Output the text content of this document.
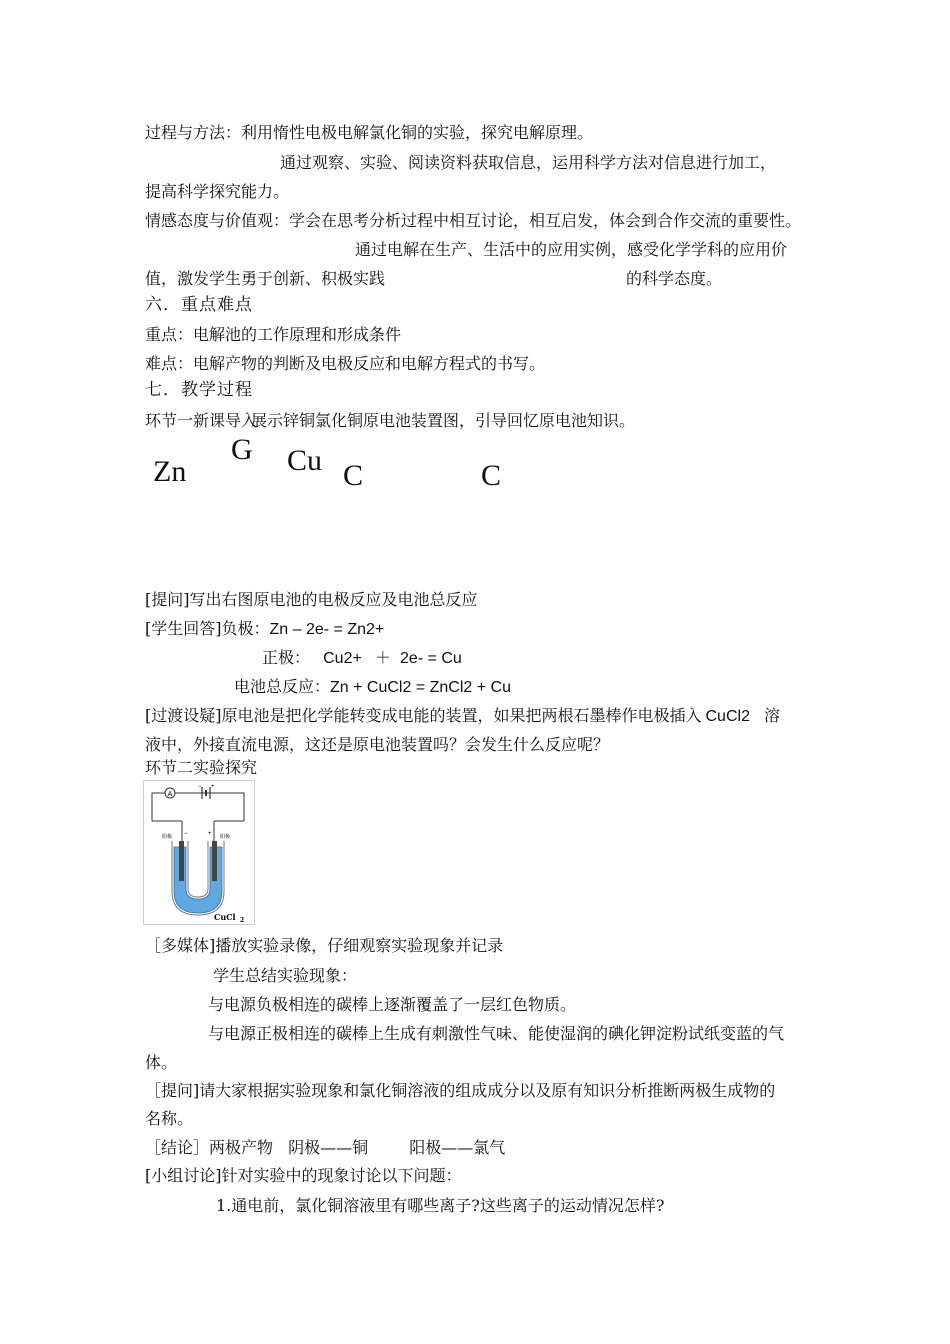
过程与方法：利用惰性电极电解氯化铜的实验，探究电解原理。
通过观察、实验、阅读资料获取信息，运用科学方法对信息进行加工，
提高科学探究能力。
情感态度与价值观：学会在思考分析过程中相互讨论，相互启发，体会到合作交流的重要性。
通过电解在生产、生活中的应用实例，感受化学学科的应用价
值，激发学生勇于创新、积极实践	的科学态度。
六．重点难点
重点：电解池的工作原理和形成条件
难点：电解产物的判断及电极反应和电解方程式的书写。
七．教学过程
环节一新课导入展示锌铜氯化铜原电池装置图，引导回忆原电池知识。
Zn
G Cu C	C
[提问]写出右图原电池的电极反应及电池总反应
[学生回答]负极：Zn – 2e- = Zn2+
正极： Cu2+ ＋ 2e- = Cu
电池总反应：Zn + CuCl2 = ZnCl2 + Cu
[过渡设疑]原电池是把化学能转变成电能的装置，如果把两根石墨棒作电极插入 CuCl2 溶
液中，外接直流电源，这还是原电池装置吗？会发生什么反应呢？
环节二实验探究
A
− +
阴极 −	+ 阳极
CuCl 2
［多媒体]播放实验录像，仔细观察实验现象并记录
学生总结实验现象：
与电源负极相连的碳棒上逐渐覆盖了一层红色物质。
与电源正极相连的碳棒上生成有刺激性气味、能使湿润的碘化钾淀粉试纸变蓝的气
体。
［提问]请大家根据实验现象和氯化铜溶液的组成成分以及原有知识分析推断两极生成物的
名称。
［结论］两极产物 阴极——铜	阳极——氯气
[小组讨论]针对实验中的现象讨论以下问题：
1.通电前，氯化铜溶液里有哪些离子?这些离子的运动情况怎样?
